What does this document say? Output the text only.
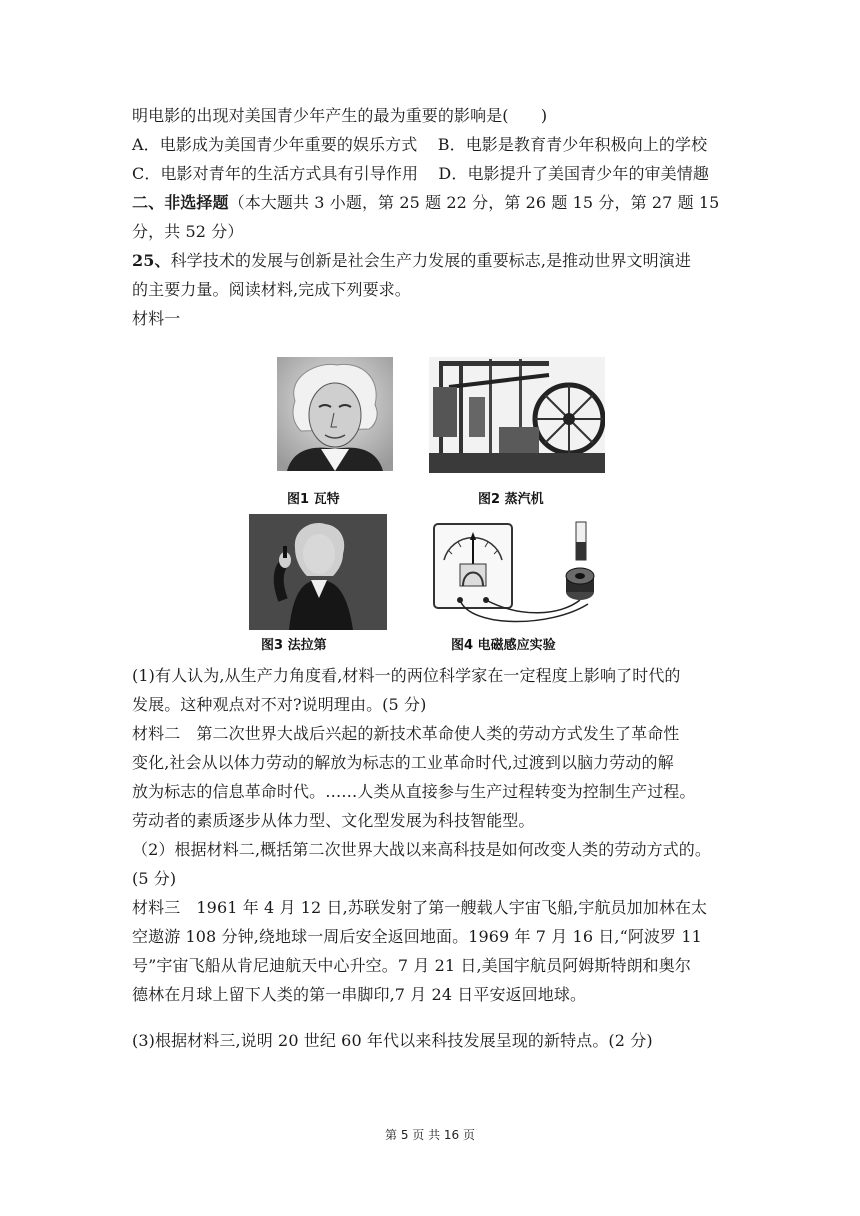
明电影的出现对美国青少年产生的最为重要的影响是(　　)
A．电影成为美国青少年重要的娱乐方式 B．电影是教育青少年积极向上的学校
C．电影对青年的生活方式具有引导作用 D．电影提升了美国青少年的审美情趣
二、非选择题（本大题共 3 小题，第 25 题 22 分，第 26 题 15 分，第 27 题 15
分，共 52 分）
25、科学技术的发展与创新是社会生产力发展的重要标志,是推动世界文明演进
的主要力量。阅读材料,完成下列要求。
材料一
图1 瓦特	图2 蒸汽机
图3 法拉第	图4 电磁感应实验
(1)有人认为,从生产力角度看,材料一的两位科学家在一定程度上影响了时代的
发展。这种观点对不对?说明理由。(5 分)
材料二　第二次世界大战后兴起的新技术革命使人类的劳动方式发生了革命性
变化,社会从以体力劳动的解放为标志的工业革命时代,过渡到以脑力劳动的解
放为标志的信息革命时代。……人类从直接参与生产过程转变为控制生产过程。
劳动者的素质逐步从体力型、文化型发展为科技智能型。
（2）根据材料二,概括第二次世界大战以来高科技是如何改变人类的劳动方式的。
(5 分)
材料三　1961 年 4 月 12 日,苏联发射了第一艘载人宇宙飞船,宇航员加加林在太
空遨游 108 分钟,绕地球一周后安全返回地面。1969 年 7 月 16 日,“阿波罗 11
号”宇宙飞船从肯尼迪航天中心升空。7 月 21 日,美国宇航员阿姆斯特朗和奥尔
德林在月球上留下人类的第一串脚印,7 月 24 日平安返回地球。
(3)根据材料三,说明 20 世纪 60 年代以来科技发展呈现的新特点。(2 分)
第 5 页 共 16 页
